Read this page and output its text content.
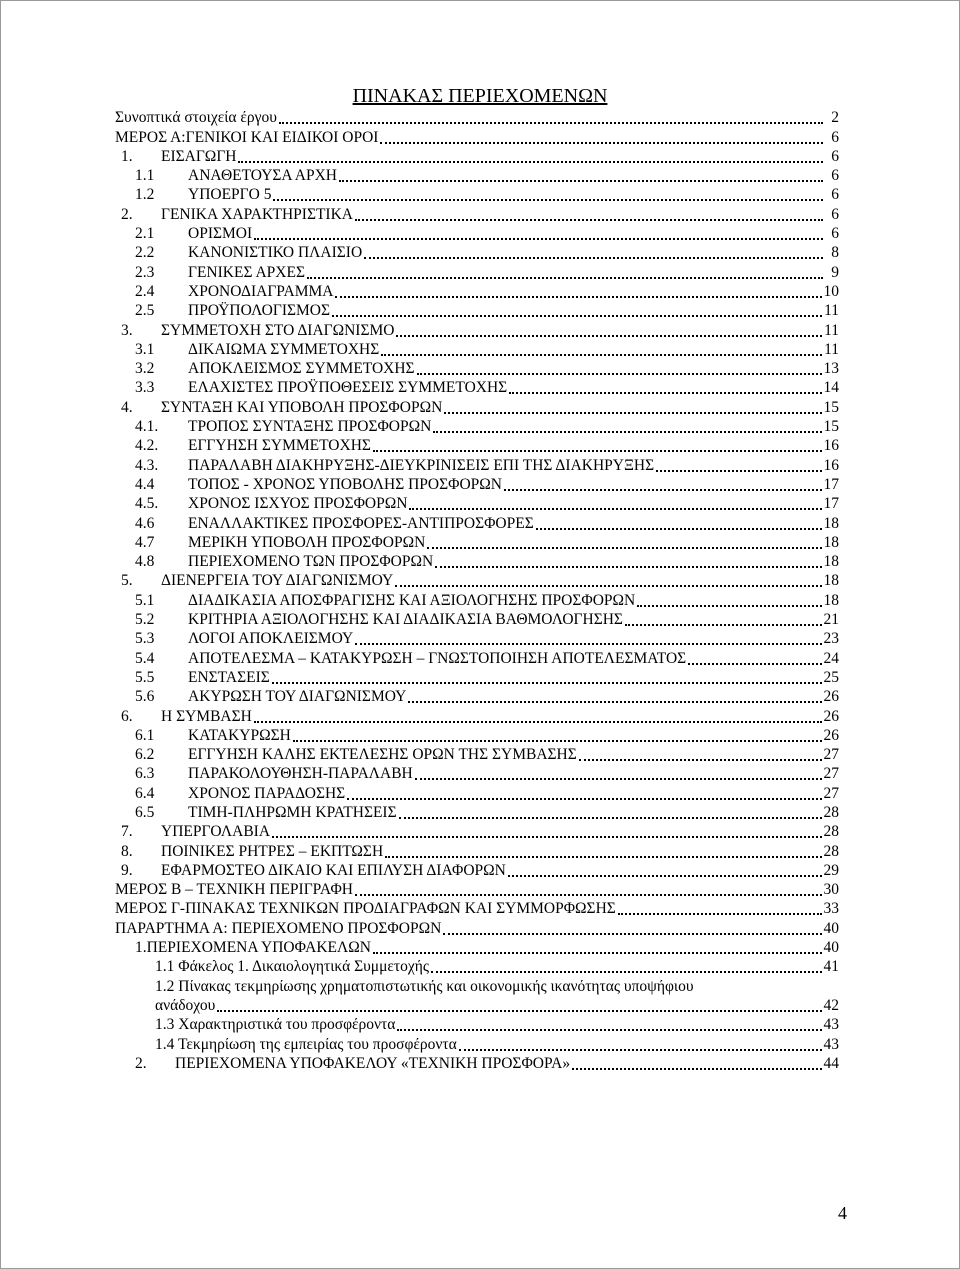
ΠΙΝΑΚΑΣ ΠΕΡΙΕΧΟΜΕΝΩΝ
Συνοπτικά στοιχεία έργου	2
ΜΕΡΟΣ Α:ΓΕΝΙΚΟΙ ΚΑΙ ΕΙΔΙΚΟΙ ΟΡΟΙ	6
1.	ΕΙΣΑΓΩΓΗ	6
1.1	ΑΝΑΘΕΤΟΥΣΑ ΑΡΧΗ	6
1.2	ΥΠΟΕΡΓΟ 5	6
2.	ΓΕΝΙΚΑ ΧΑΡΑΚΤΗΡΙΣΤΙΚΑ	6
2.1	ΟΡΙΣΜΟΙ	6
2.2	ΚΑΝΟΝΙΣΤΙΚΟ ΠΛΑΙΣΙΟ	8
2.3	ΓΕΝΙΚΕΣ ΑΡΧΕΣ	9
2.4	ΧΡΟΝΟΔΙΑΓΡΑΜΜΑ	10
2.5	ΠΡΟΫΠΟΛΟΓΙΣΜΟΣ	11
3.	ΣΥΜΜΕΤΟΧΗ ΣΤΟ ΔΙΑΓΩΝΙΣΜΟ	11
3.1	ΔΙΚΑΙΩΜΑ ΣΥΜΜΕΤΟΧΗΣ	11
3.2	ΑΠΟΚΛΕΙΣΜΟΣ ΣΥΜΜΕΤΟΧΗΣ	13
3.3	ΕΛΑΧΙΣΤΕΣ ΠΡΟΫΠΟΘΕΣΕΙΣ ΣΥΜΜΕΤΟΧΗΣ	14
4.	ΣΥΝΤΑΞΗ ΚΑΙ ΥΠΟΒΟΛΗ ΠΡΟΣΦΟΡΩΝ	15
4.1.	ΤΡΟΠΟΣ ΣΥΝΤΑΞΗΣ ΠΡΟΣΦΟΡΩΝ	15
4.2.	ΕΓΓΥΗΣΗ ΣΥΜΜΕΤΟΧΗΣ	16
4.3.	ΠΑΡΑΛΑΒΗ ΔΙΑΚΗΡΥΞΗΣ-ΔΙΕΥΚΡΙΝΙΣΕΙΣ ΕΠΙ ΤΗΣ ΔΙΑΚΗΡΥΞΗΣ	16
4.4	ΤΟΠΟΣ - ΧΡΟΝΟΣ ΥΠΟΒΟΛΗΣ ΠΡΟΣΦΟΡΩΝ	17
4.5.	ΧΡΟΝΟΣ ΙΣΧΥΟΣ ΠΡΟΣΦΟΡΩΝ	17
4.6	ΕΝΑΛΛΑΚΤΙΚΕΣ ΠΡΟΣΦΟΡΕΣ-ΑΝΤΙΠΡΟΣΦΟΡΕΣ	18
4.7	ΜΕΡΙΚΗ ΥΠΟΒΟΛΗ ΠΡΟΣΦΟΡΩΝ	18
4.8	ΠΕΡΙΕΧΟΜΕΝΟ ΤΩΝ ΠΡΟΣΦΟΡΩΝ	18
5.	ΔΙΕΝΕΡΓΕΙΑ ΤΟΥ ΔΙΑΓΩΝΙΣΜΟΥ	18
5.1	ΔΙΑΔΙΚΑΣΙΑ ΑΠΟΣΦΡΑΓΙΣΗΣ ΚΑΙ ΑΞΙΟΛΟΓΗΣΗΣ ΠΡΟΣΦΟΡΩΝ	18
5.2	ΚΡΙΤΗΡΙΑ ΑΞΙΟΛΟΓΗΣΗΣ ΚΑΙ ΔΙΑΔΙΚΑΣΙΑ ΒΑΘΜΟΛΟΓΗΣΗΣ	21
5.3	ΛΟΓΟΙ ΑΠΟΚΛΕΙΣΜΟΥ	23
5.4	ΑΠΟΤΕΛΕΣΜΑ – ΚΑΤΑΚΥΡΩΣΗ – ΓΝΩΣΤΟΠΟΙΗΣΗ ΑΠΟΤΕΛΕΣΜΑΤΟΣ	24
5.5	ΕΝΣΤΑΣΕΙΣ	25
5.6	ΑΚΥΡΩΣΗ ΤΟΥ ΔΙΑΓΩΝΙΣΜΟΥ	26
6.	Η ΣΥΜΒΑΣΗ	26
6.1	ΚΑΤΑΚΥΡΩΣΗ	26
6.2	ΕΓΓΥΗΣΗ ΚΑΛΗΣ ΕΚΤΕΛΕΣΗΣ ΟΡΩΝ ΤΗΣ ΣΥΜΒΑΣΗΣ	27
6.3	ΠΑΡΑΚΟΛΟΥΘΗΣΗ-ΠΑΡΑΛΑΒΗ	27
6.4	ΧΡΟΝΟΣ ΠΑΡΑΔΟΣΗΣ	27
6.5	ΤΙΜΗ-ΠΛΗΡΩΜΗ ΚΡΑΤΗΣΕΙΣ	28
7.	ΥΠΕΡΓΟΛΑΒΙΑ	28
8.	ΠΟΙΝΙΚΕΣ ΡΗΤΡΕΣ – ΕΚΠΤΩΣΗ	28
9.	ΕΦΑΡΜΟΣΤΕΟ ΔΙΚΑΙΟ ΚΑΙ ΕΠΙΛΥΣΗ ΔΙΑΦΟΡΩΝ	29
ΜΕΡΟΣ Β – ΤΕΧΝΙΚΗ ΠΕΡΙΓΡΑΦΗ	30
ΜΕΡΟΣ Γ-ΠΙΝΑΚΑΣ ΤΕΧΝΙΚΩΝ ΠΡΟΔΙΑΓΡΑΦΩΝ ΚΑΙ ΣΥΜΜΟΡΦΩΣΗΣ	33
ΠΑΡΑΡΤΗΜΑ Α: ΠΕΡΙΕΧΟΜΕΝΟ ΠΡΟΣΦΟΡΩΝ	40
1.ΠΕΡΙΕΧΟΜΕΝΑ ΥΠΟΦΑΚΕΛΩΝ	40
1.1 Φάκελος 1. Δικαιολογητικά Συμμετοχής	41
1.2 Πίνακας τεκμηρίωσης χρηματοπιστωτικής και οικονομικής ικανότητας υποψήφιου
ανάδοχου	42
1.3 Χαρακτηριστικά του προσφέροντα	43
1.4 Τεκμηρίωση της εμπειρίας του προσφέροντα	43
2.	ΠΕΡΙΕΧΟΜΕΝΑ ΥΠΟΦΑΚΕΛΟΥ «ΤΕΧΝΙΚΗ ΠΡΟΣΦΟΡΑ»	44
4
